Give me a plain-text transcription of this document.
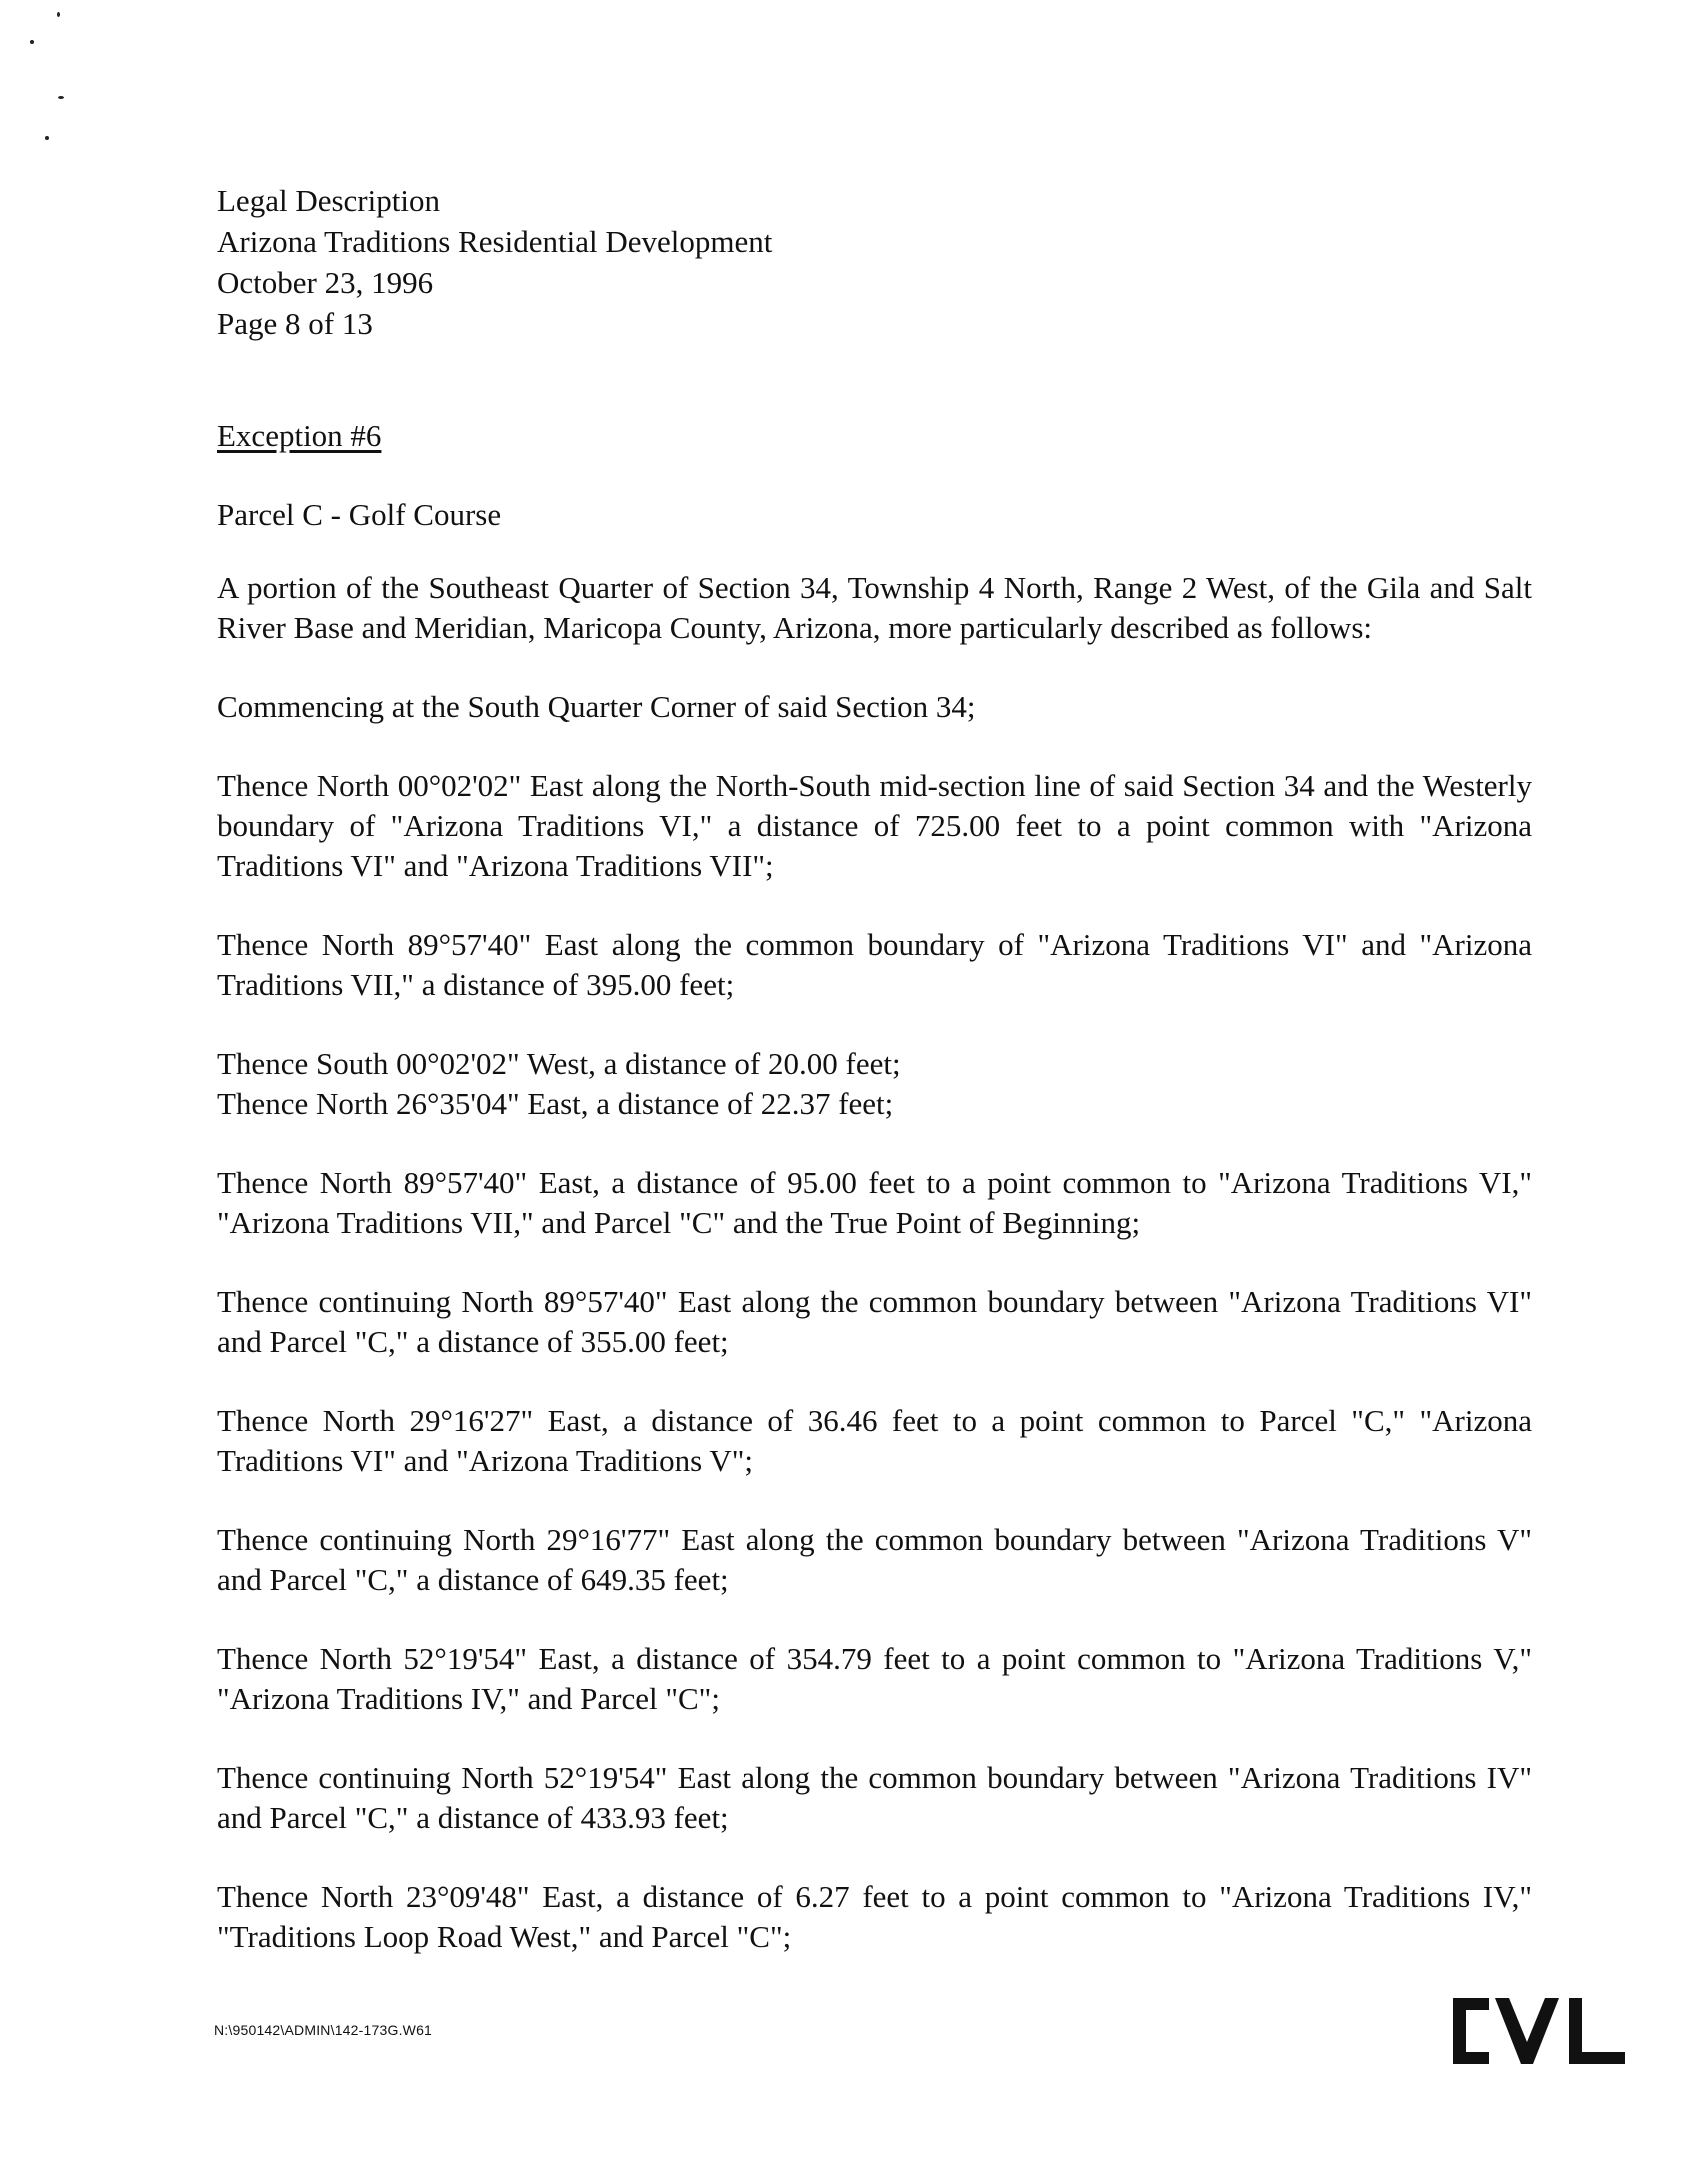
Legal Description
Arizona Traditions Residential Development
October 23, 1996
Page 8 of 13
Exception #6
Parcel C - Golf Course

A portion of the Southeast Quarter of Section 34, Township 4 North, Range 2 West, of the Gila and Salt River Base and Meridian, Maricopa County, Arizona, more particularly described as follows:

Commencing at the South Quarter Corner of said Section 34;

Thence North 00°02'02" East along the North-South mid-section line of said Section 34 and the Westerly boundary of "Arizona Traditions VI," a distance of 725.00 feet to a point common with "Arizona Traditions VI" and "Arizona Traditions VII";

Thence North 89°57'40" East along the common boundary of "Arizona Traditions VI" and "Arizona Traditions VII," a distance of 395.00 feet;

Thence South 00°02'02" West, a distance of 20.00 feet;

Thence North 26°35'04" East, a distance of 22.37 feet;

Thence North 89°57'40" East, a distance of 95.00 feet to a point common to "Arizona Traditions VI," "Arizona Traditions VII," and Parcel "C" and the True Point of Beginning;

Thence continuing North 89°57'40" East along the common boundary between "Arizona Traditions VI" and Parcel "C," a distance of 355.00 feet;

Thence North 29°16'27" East, a distance of 36.46 feet to a point common to Parcel "C," "Arizona Traditions VI" and "Arizona Traditions V";

Thence continuing North 29°16'77" East along the common boundary between "Arizona Traditions V" and Parcel "C," a distance of 649.35 feet;

Thence North 52°19'54" East, a distance of 354.79 feet to a point common to "Arizona Traditions V," "Arizona Traditions IV," and Parcel "C";

Thence continuing North 52°19'54" East along the common boundary between "Arizona Traditions IV" and Parcel "C," a distance of 433.93 feet;

Thence North 23°09'48" East, a distance of 6.27 feet to a point common to "Arizona Traditions IV," "Traditions Loop Road West," and Parcel "C";

N:\950142\ADMIN\142-173G.W61
